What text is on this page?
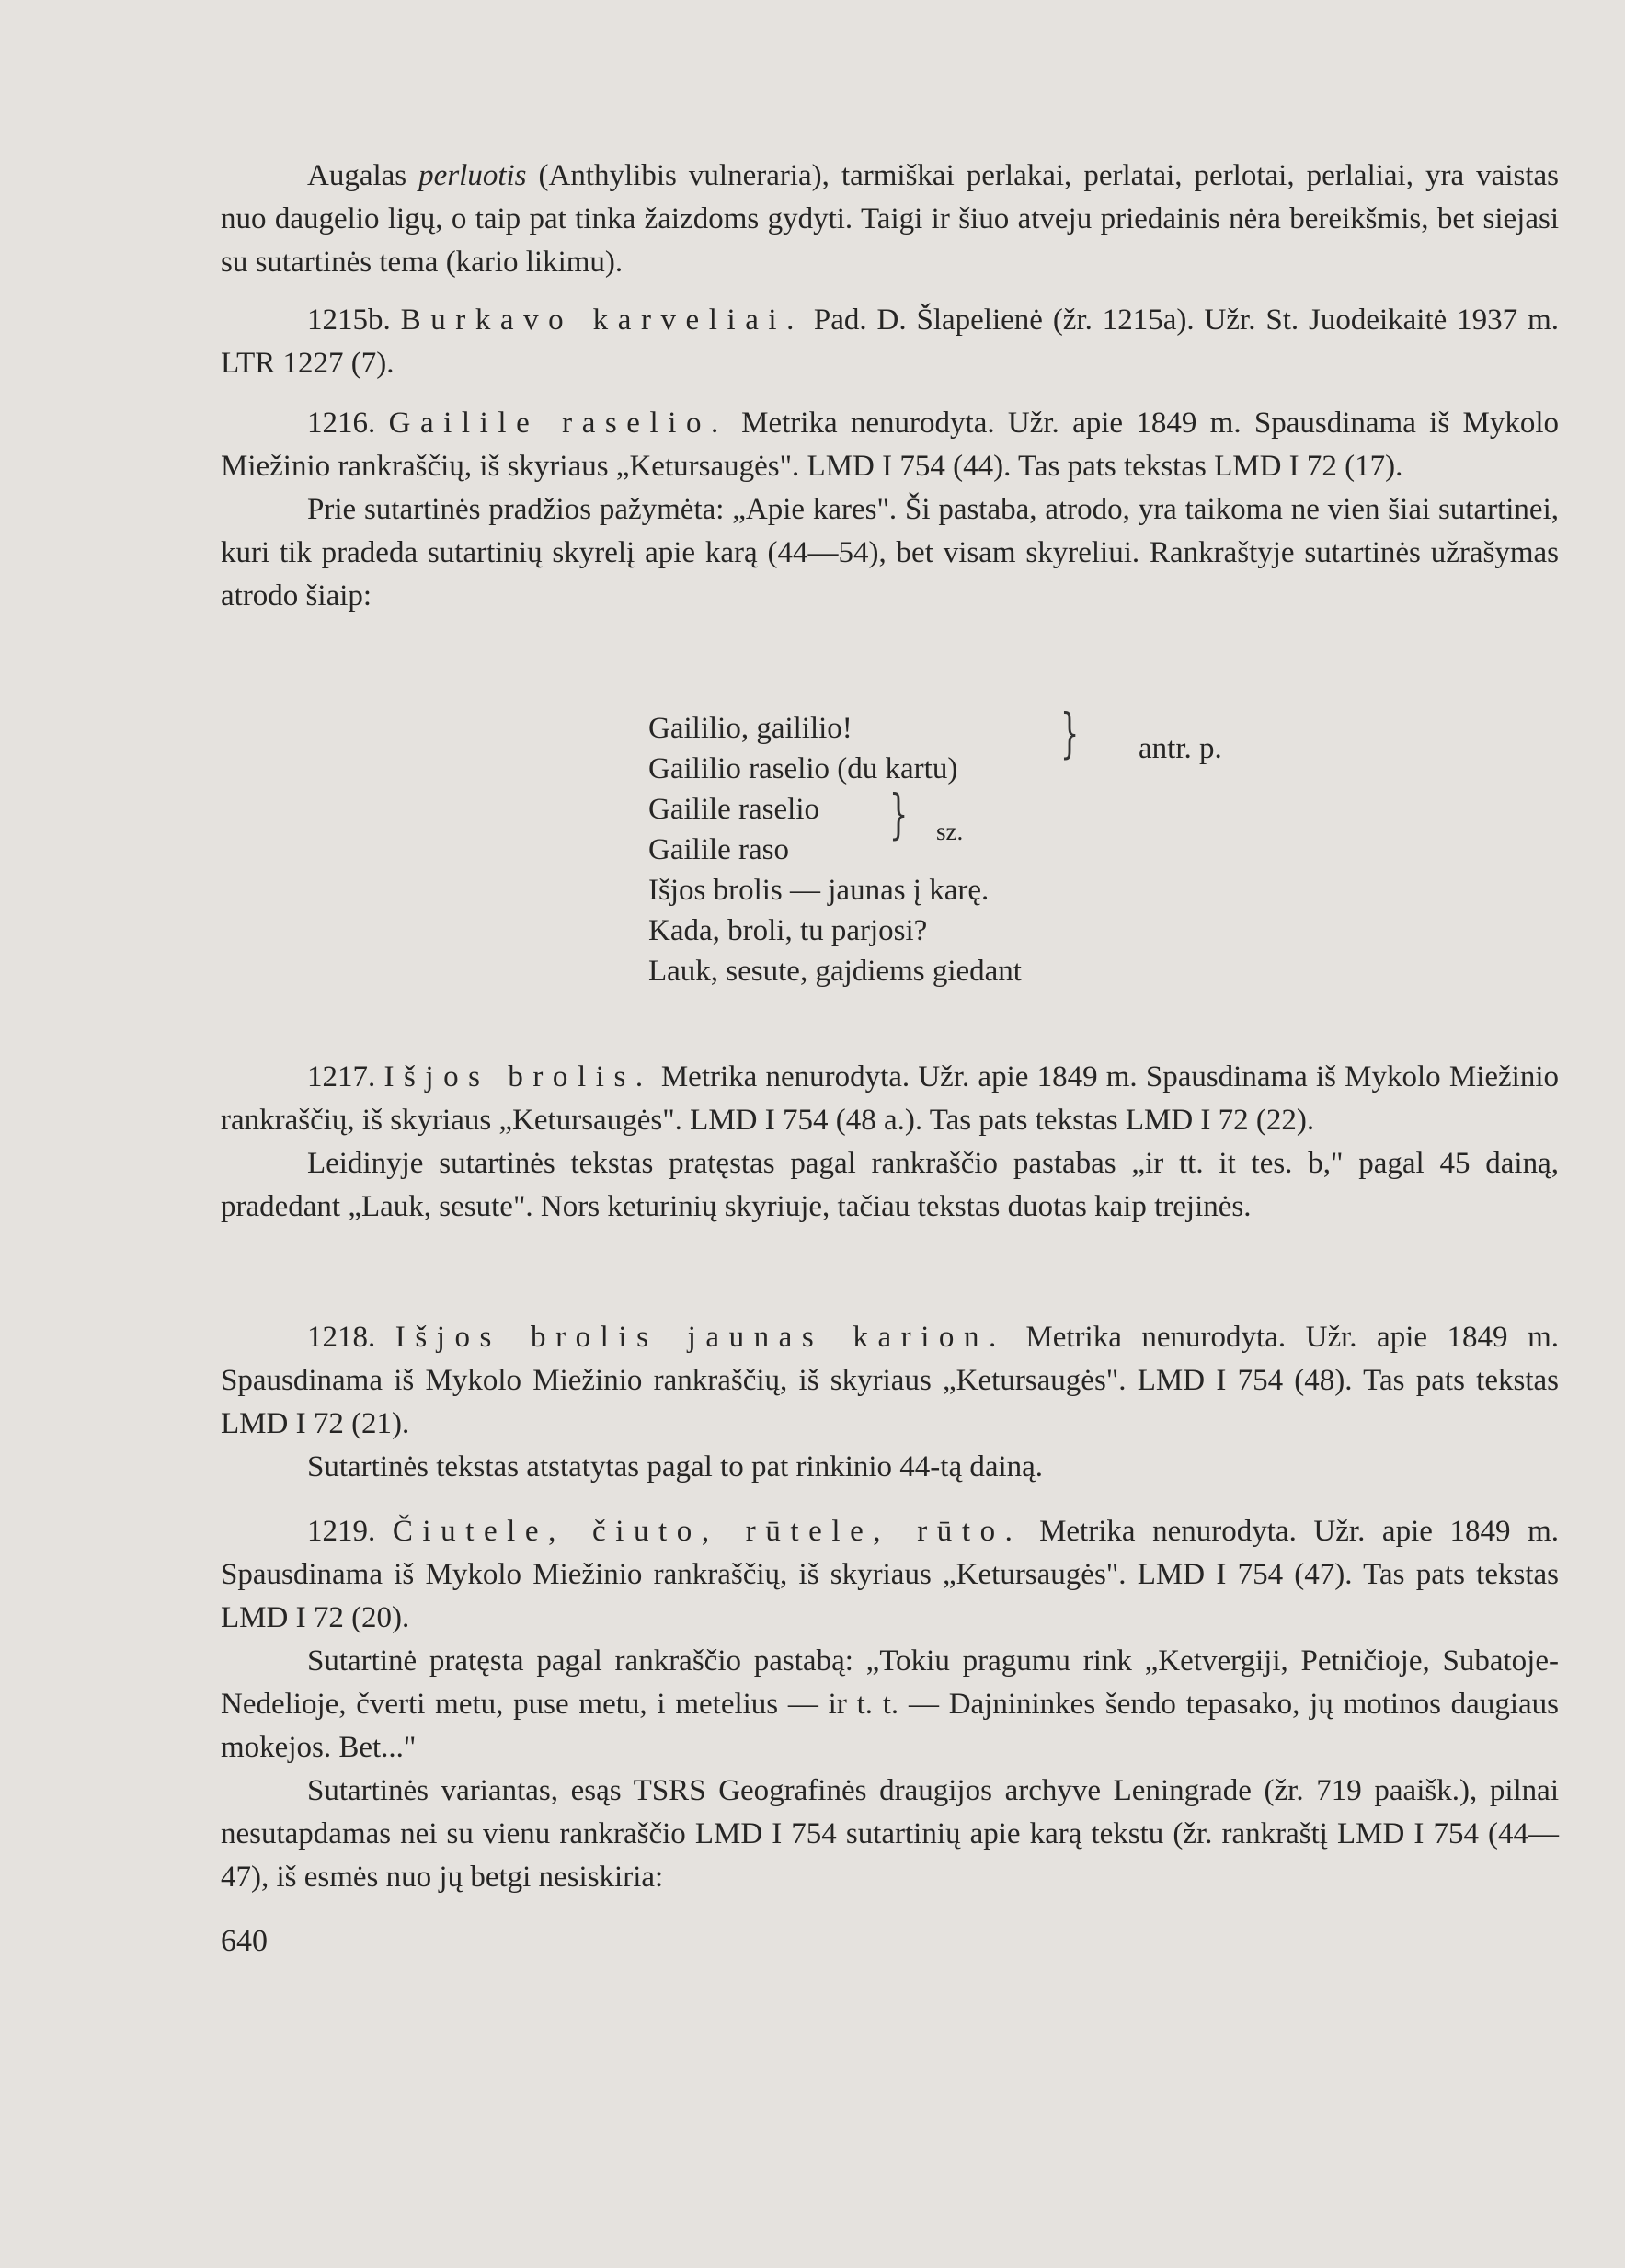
Augalas perluotis (Anthylibis vulneraria), tarmiškai perlakai, perlatai, perlotai, perlaliai, yra vaistas nuo daugelio ligų, o taip pat tinka žaizdoms gydyti. Taigi ir šiuo atveju priedainis nėra bereikšmis, bet siejasi su sutartinės tema (kario likimu).

1215b. Burkavo karveliai. Pad. D. Šlapelienė (žr. 1215a). Užr. St. Juodeikaitė 1937 m. LTR 1227 (7).

1216. Gailile raselio. Metrika nenurodyta. Užr. apie 1849 m. Spausdinama iš Mykolo Miežinio rankraščių, iš skyriaus „Ketursaugės". LMD I 754 (44). Tas pats tekstas LMD I 72 (17).

Prie sutartinės pradžios pažymėta: „Apie kares". Ši pastaba, atrodo, yra taikoma ne vien šiai sutartinei, kuri tik pradeda sutartinių skyrelį apie karą (44—54), bet visam skyreliui. Rankraštyje sutartinės užrašymas atrodo šiaip:

Gaililio, gaililio!
Gaililio raselio (du kartu)
Gailile raselio
Gailile raso
Išjos brolis — jaunas į karę.
Kada, broli, tu parjosi?
Lauk, sesute, gajdiems giedant
} antr. p.
} sz.

1217. Išjos brolis. Metrika nenurodyta. Užr. apie 1849 m. Spausdinama iš Mykolo Miežinio rankraščių, iš skyriaus „Ketursaugės". LMD I 754 (48 a.). Tas pats tekstas LMD I 72 (22).

Leidinyje sutartinės tekstas pratęstas pagal rankraščio pastabas „ir tt. it tes. b," pagal 45 dainą, pradedant „Lauk, sesute". Nors keturinių skyriuje, tačiau tekstas duotas kaip trejinės.

1218. Išjos brolis jaunas karion. Metrika nenurodyta. Užr. apie 1849 m. Spausdinama iš Mykolo Miežinio rankraščių, iš skyriaus „Ketursaugės". LMD I 754 (48). Tas pats tekstas LMD I 72 (21).

Sutartinės tekstas atstatytas pagal to pat rinkinio 44-tą dainą.

1219. Čiutele, čiuto, rūtele, rūto. Metrika nenurodyta. Užr. apie 1849 m. Spausdinama iš Mykolo Miežinio rankraščių, iš skyriaus „Ketursaugės". LMD I 754 (47). Tas pats tekstas LMD I 72 (20).

Sutartinė pratęsta pagal rankraščio pastabą: „Tokiu pragumu rink „Ketvergiji, Petničioje, Subatoje-Nedelioje, čverti metu, puse metu, i metelius — ir t. t. — Dajnininkes šendo tepasako, jų motinos daugiaus mokejos. Bet..."

Sutartinės variantas, esąs TSRS Geografinės draugijos archyve Leningrade (žr. 719 paaišk.), pilnai nesutapdamas nei su vienu rankraščio LMD I 754 sutartinių apie karą tekstu (žr. rankraštį LMD I 754 (44—47), iš esmės nuo jų betgi nesiskiria:

640
